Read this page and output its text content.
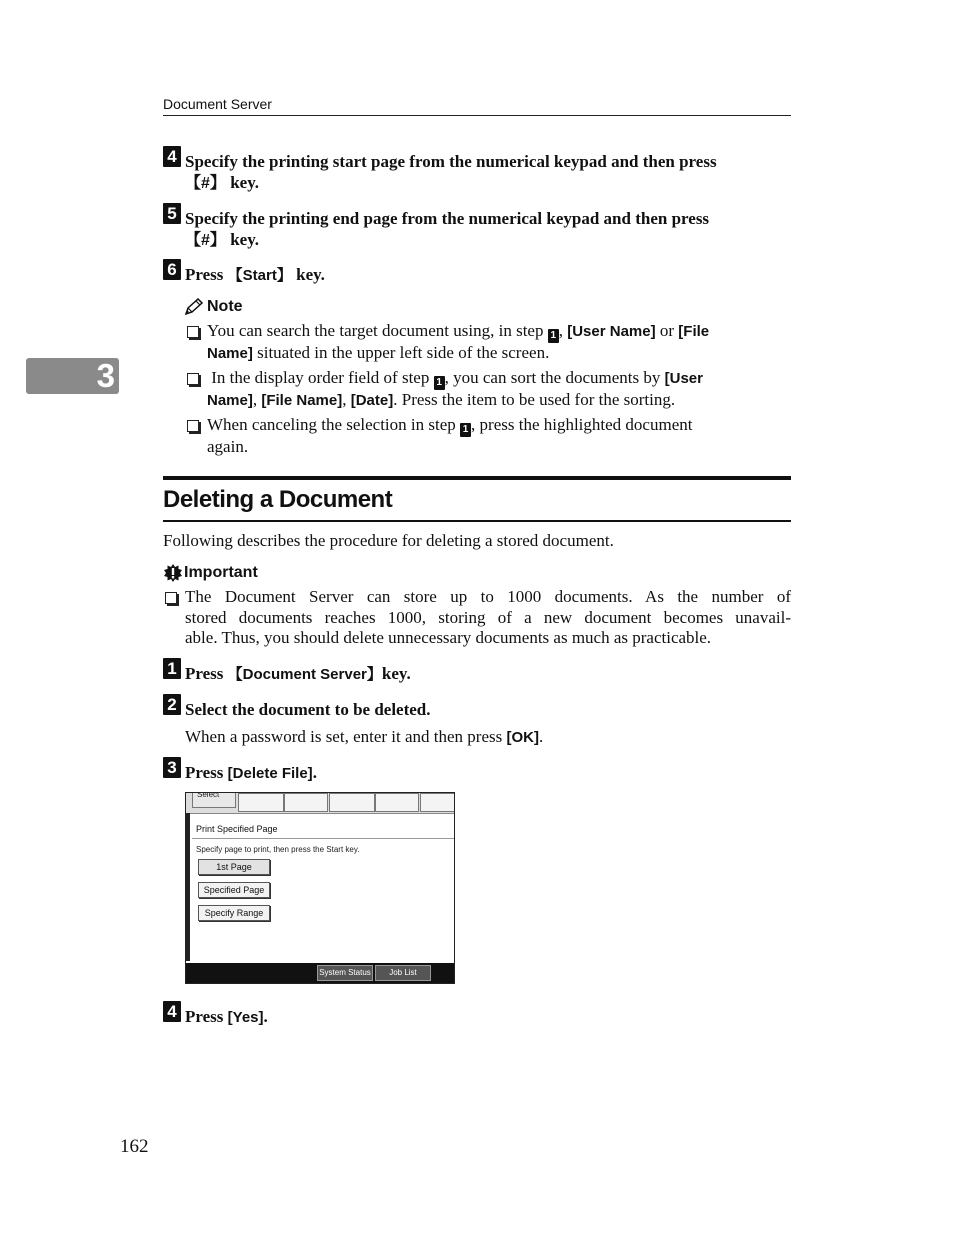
Document Server
3
4 Specify the printing start page from the numerical keypad and then press
【#】 key.
5 Specify the printing end page from the numerical keypad and then press
【#】 key.
6 Press 【Start】 key.
Note
You can search the target document using, in step 1 , [User Name] or [File
Name] situated in the upper left side of the screen.
In the display order field of step 1 , you can sort the documents by [User
Name], [File Name], [Date]. Press the item to be used for the sorting.
When canceling the selection in step 1 , press the highlighted document
again.
Deleting a Document
Following describes the procedure for deleting a stored document.
Important
The Document Server can store up to 1000 documents. As the number of
stored documents reaches 1000, storing of a new document becomes unavail-
able. Thus, you should delete unnecessary documents as much as practicable.
1 Press 【Document Server】key.
2 Select the document to be deleted.
When a password is set, enter it and then press [OK].
3 Press [Delete File].
Select
Print Specified Page
Specify page to print, then press the Start key.
1st Page
Specified Page
Specify Range
System Status	Job List
4 Press [Yes].
162
